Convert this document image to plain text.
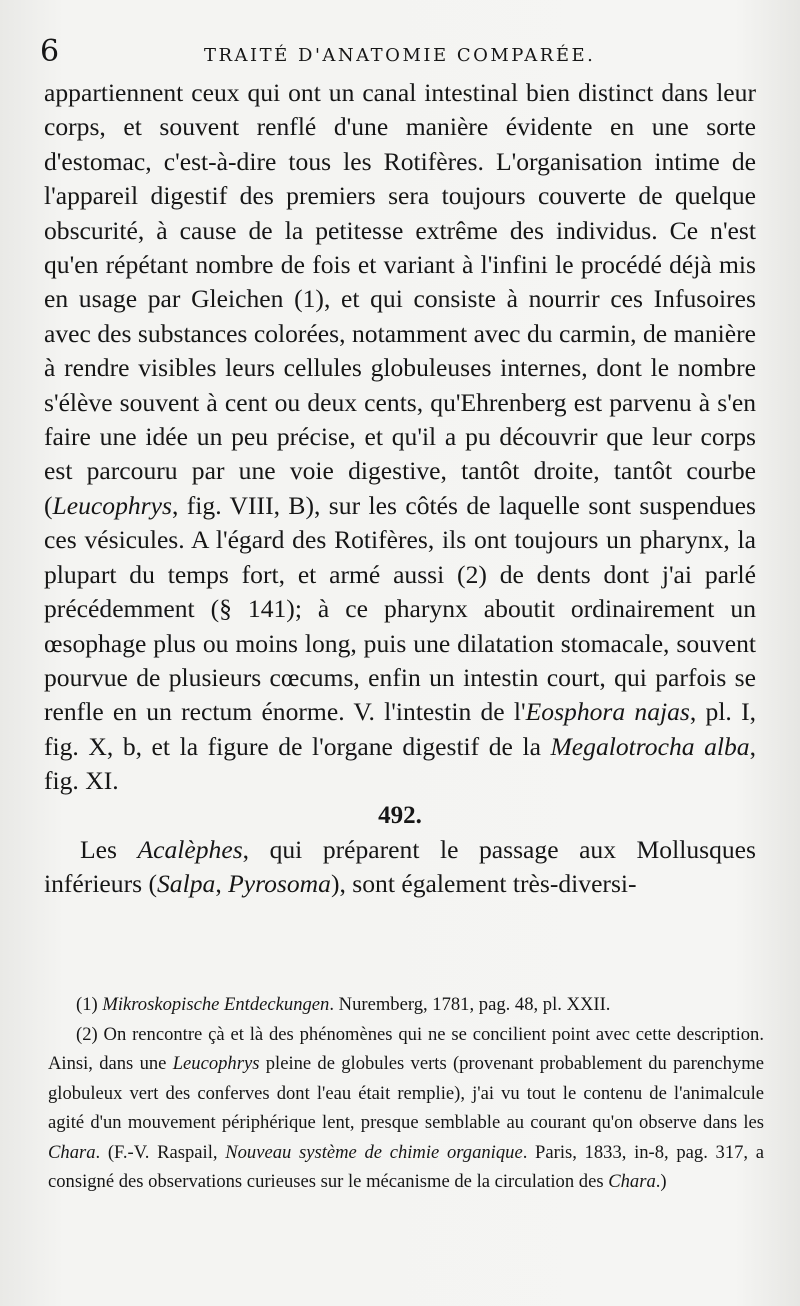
6	TRAITÉ D'ANATOMIE COMPARÉE.

appartiennent ceux qui ont un canal intestinal bien distinct dans leur corps, et souvent renflé d'une manière évidente en une sorte d'estomac, c'est-à-dire tous les Rotifères. L'organisation intime de l'appareil digestif des premiers sera toujours couverte de quelque obscurité, à cause de la petitesse extrême des individus. Ce n'est qu'en répétant nombre de fois et variant à l'infini le procédé déjà mis en usage par Gleichen (1), et qui consiste à nourrir ces Infusoires avec des substances colorées, notamment avec du carmin, de manière à rendre visibles leurs cellules globuleuses internes, dont le nombre s'élève souvent à cent ou deux cents, qu'Ehrenberg est parvenu à s'en faire une idée un peu précise, et qu'il a pu découvrir que leur corps est parcouru par une voie digestive, tantôt droite, tantôt courbe (Leucophrys, fig. VIII, B), sur les côtés de laquelle sont suspendues ces vésicules. A l'égard des Rotifères, ils ont toujours un pharynx, la plupart du temps fort, et armé aussi (2) de dents dont j'ai parlé précédemment (§ 141); à ce pharynx aboutit ordinairement un œsophage plus ou moins long, puis une dilatation stomacale, souvent pourvue de plusieurs cœcums, enfin un intestin court, qui parfois se renfle en un rectum énorme. V. l'intestin de l'Eosphora najas, pl. I, fig. X, b, et la figure de l'organe digestif de la Megalotrocha alba, fig. XI.

492.

Les Acalèphes, qui préparent le passage aux Mollusques inférieurs (Salpa, Pyrosoma), sont également très-diversi-

(1) Mikroskopische Entdeckungen. Nuremberg, 1781, pag. 48, pl. XXII.

(2) On rencontre çà et là des phénomènes qui ne se concilient point avec cette description. Ainsi, dans une Leucophrys pleine de globules verts (provenant probablement du parenchyme globuleux vert des conferves dont l'eau était remplie), j'ai vu tout le contenu de l'animalcule agité d'un mouvement périphérique lent, presque semblable au courant qu'on observe dans les Chara. (F.-V. Raspail, Nouveau système de chimie organique. Paris, 1833, in-8, pag. 317, a consigné des observations curieuses sur le mécanisme de la circulation des Chara.)
